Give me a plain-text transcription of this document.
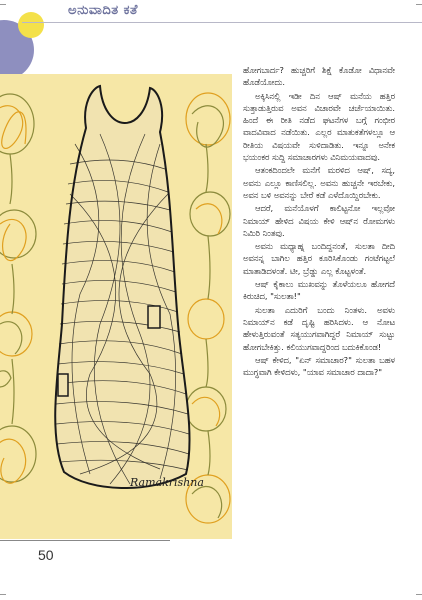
ಅನುವಾದಿತ ಕತೆ
Ramakrishna

ಹೋಗಬಾರ್ದ? ಹುಚ್ಚರಿಗೆ ಶಿಕ್ಷೆ ಕೊಡೋ ವಿಧಾನವೇ ಹೊಡೆಯೋದು.

ಅಕ್ಕಿಸಿನಲ್ಲಿ ಇಡೀ ದಿನ ಆಷ್ ಮನೆಯ ಹತ್ತಿರ ಸುತ್ತಾಡುತ್ತಿರುವ ಅವನ ವಿಚಾರವೇ ಚರ್ಚೆಯಾಯಿತು. ಹಿಂದೆ ಈ ರೀತಿ ನಡೆದ ಘಟನೆಗಳ ಬಗ್ಗೆ ಗಂಭೀರ ವಾದವಿವಾದ ನಡೆಯಿತು. ಎಲ್ಲರ ಮಾತುಕತೆಗಳಲ್ಲೂ ಆ ರೀತಿಯ ವಿಷಯವೇ ಸುಳಿದಾಡಿತು. ಇನ್ನೂ ಅನೇಕ ಭಯಂಕರ ಸುದ್ದಿ ಸಮಾಚಾರಗಳು ವಿನಿಮಯವಾದವು.

ಆತಂಕದಿಂದಲೇ ಮನೆಗೆ ಮರಳಿದ ಆಷ್, ಸದ್ಯ, ಅವನು ಎಲ್ಲೂ ಕಾಣಿಸಲಿಲ್ಲ. ಅವನು ಹುಚ್ಚನೇ ಇರಬೇಕು, ಅವನ ಬಳಿ ಅವನನ್ನು ಬೇರೆ ಕಡೆ ಎಳೆದೊಯ್ದಿರಬೇಕು.

ಆದರೆ, ಮನೆಯೊಳಗೆ ಕಾಲಿಟ್ಟನೋ ಇಲ್ಲವೋ ನಿಮಾಯ್ ಹೇಳಿದ ವಿಷಯ ಕೇಳಿ ಆಷ್‌ನ ರೋಮಗಳು ನಿಮಿರಿ ನಿಂತವು.

ಅವನು ಮಧ್ಯಾಹ್ನ ಬಂದಿದ್ದನಂತೆ, ಸುಲತಾ ದೀದಿ ಅವನನ್ನ ಬಾಗಿಲ ಹತ್ತಿರ ಕೂರಿಸಿಕೊಂಡು ಗಂಟೆಗಟ್ಟಲೆ ಮಾತಾಡಿದಳಂತೆ. ಟೀ, ಬ್ರೆಡ್ಡು ಎಲ್ಲ ಕೊಟ್ಟಳಂತೆ.

ಆಷ್ ಕೈಕಾಲು ಮುಖವನ್ನು ತೊಳೆಯಲೂ ಹೋಗದೆ ಕಿರುಚಿದ, "ಸುಲತಾ!"

ಸುಲತಾ ಎದುರಿಗೆ ಬಂದು ನಿಂತಳು. ಅವಳು ನಿಮಾಯ್‌ನ ಕಡೆ ದೃಷ್ಟಿ ಹರಿಸಿದಳು. ಆ ನೋಟ ಹೇಳುತ್ತಿರುವಂತೆ ಸತ್ಯಯುಗವಾಗಿದ್ದರೆ ನಿಮಾಯ್ ಸುಟ್ಟು ಹೋಗಬೇಕಿತ್ತು. ಕಲಿಯುಗವಾದ್ದರಿಂದ ಬದುಕಿಕೊಂಡ!

ಆಷ್ ಕೇಳಿದ, "ಏನ್ ಸಮಾಚಾರ?" ಸುಲತಾ ಬಹಳ ಮುಗ್ಧವಾಗಿ ಕೇಳಿದಳು, "ಯಾವ ಸಮಾಚಾರ ದಾದಾ?"

50
